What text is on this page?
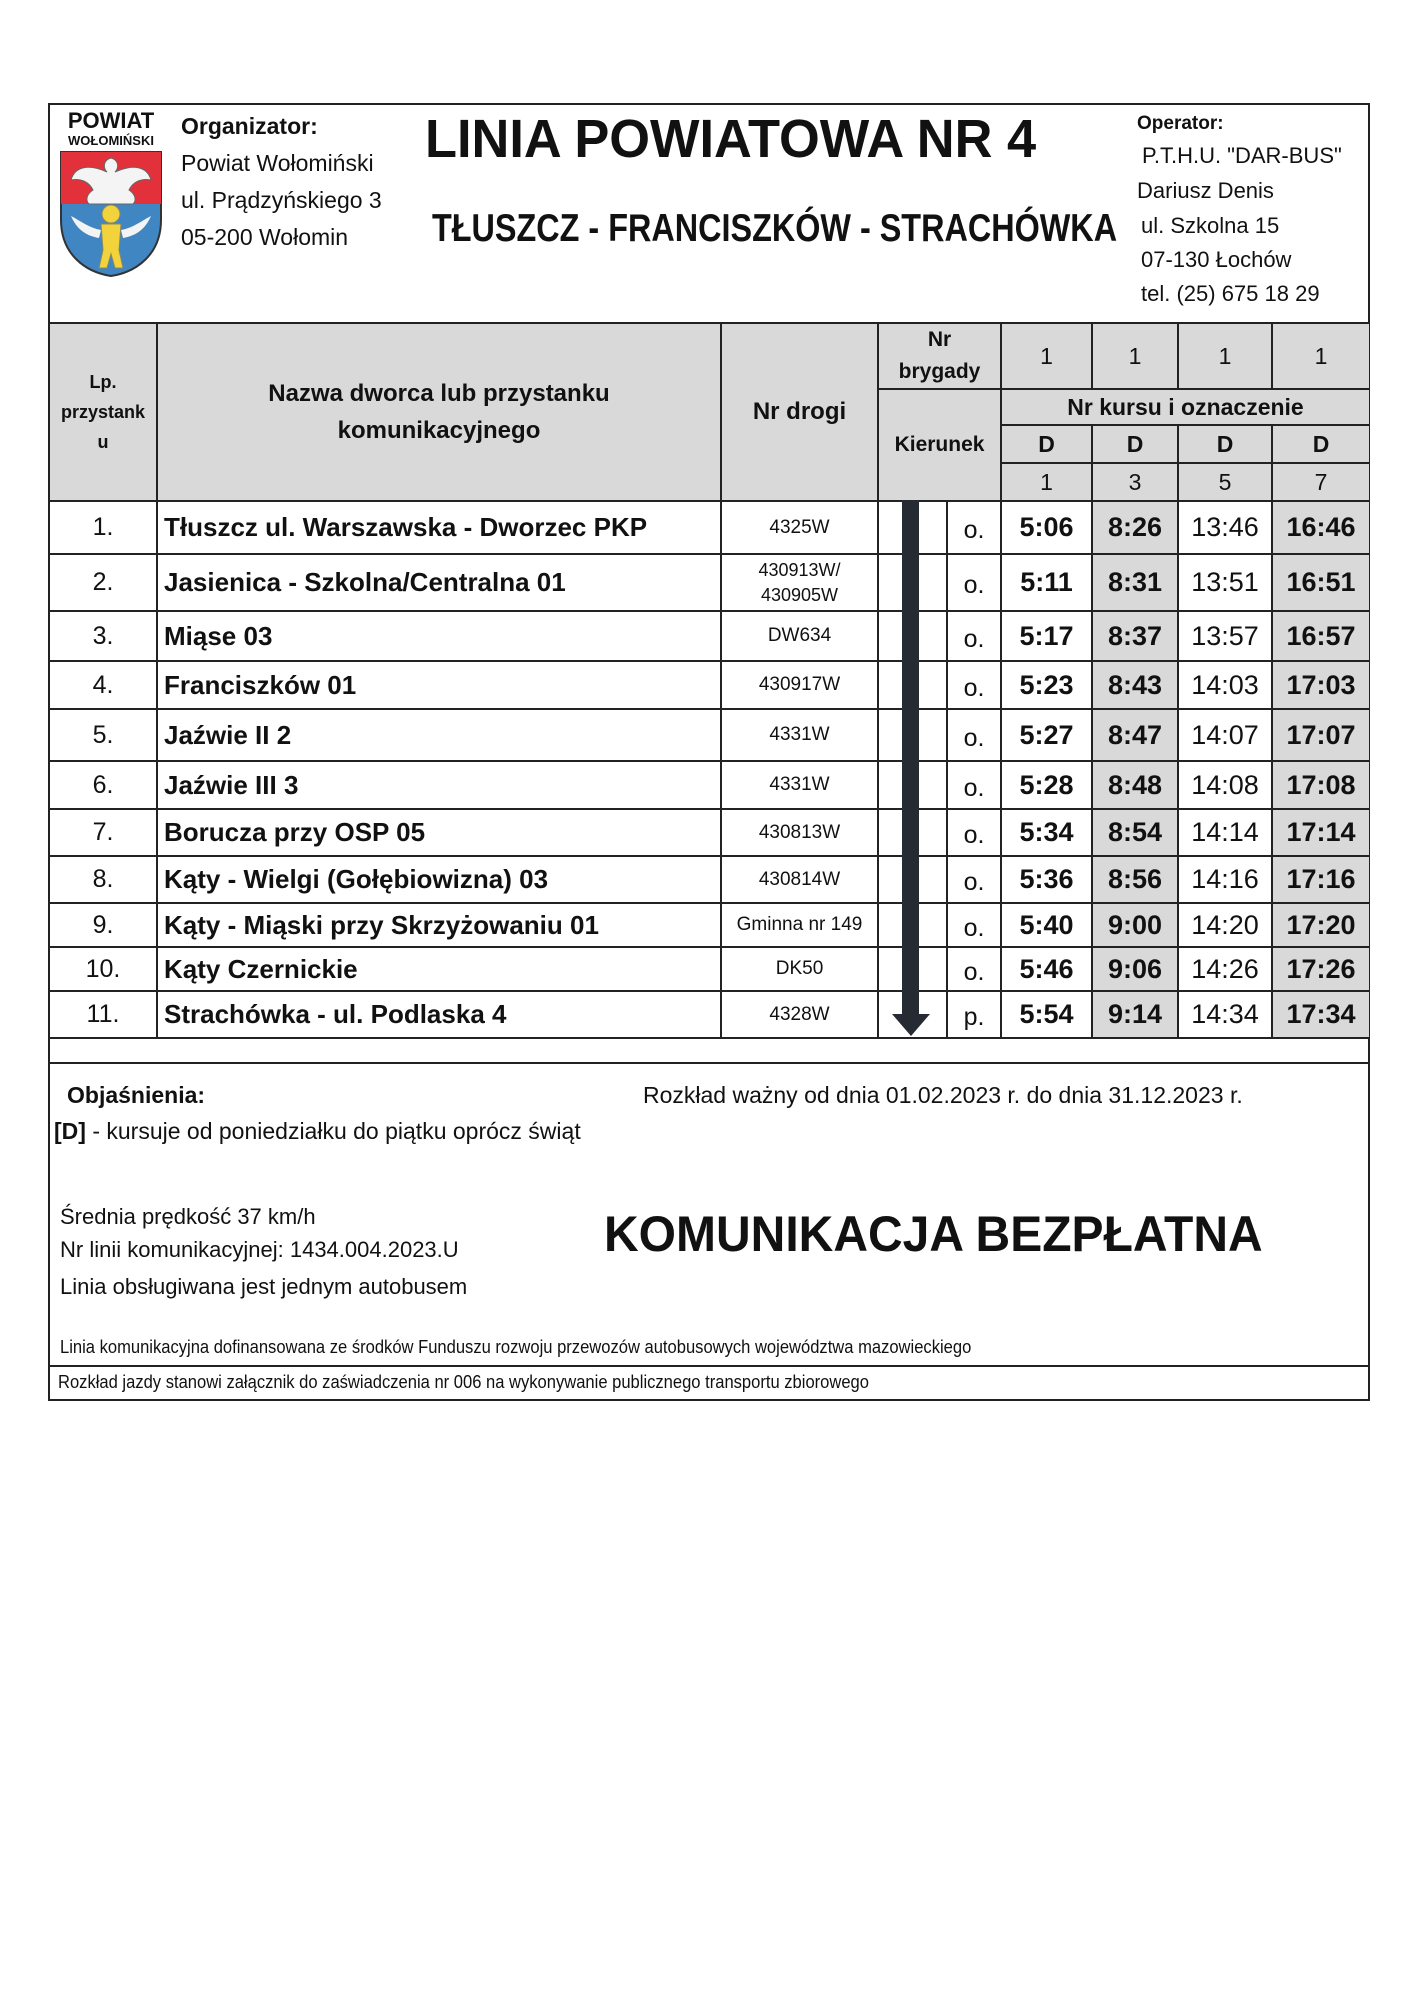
POWIAT
WOŁOMIŃSKI
Organizator:
Powiat Wołomiński
ul. Prądzyńskiego 3
05-200 Wołomin
LINIA POWIATOWA NR 4
TŁUSZCZ - FRANCISZKÓW - STRACHÓWKA
Operator:
P.T.H.U. "DAR-BUS"
Dariusz Denis
ul. Szkolna 15
07-130 Łochów
tel. (25) 675 18 29
Lp.
przystank
u
Nazwa dworca lub przystanku
komunikacyjnego
Nr drogi
Nr
brygady
Kierunek
1	1	1	1
Nr kursu i oznaczenie
D	D	D	D
1	3	5	7
1.	Tłuszcz ul. Warszawska - Dworzec PKP	4325W	o.	5:06	8:26	13:46	16:46
2.	Jasienica - Szkolna/Centralna 01	430913W/
430905W	o.	5:11	8:31	13:51	16:51
3.	Miąse 03	DW634	o.	5:17	8:37	13:57	16:57
4.	Franciszków 01	430917W	o.	5:23	8:43	14:03	17:03
5.	Jaźwie II 2	4331W	o.	5:27	8:47	14:07	17:07
6.	Jaźwie III 3	4331W	o.	5:28	8:48	14:08	17:08
7.	Borucza przy OSP 05	430813W	o.	5:34	8:54	14:14	17:14
8.	Kąty - Wielgi (Gołębiowizna) 03	430814W	o.	5:36	8:56	14:16	17:16
9.	Kąty - Miąski przy Skrzyżowaniu 01	Gminna nr 149	o.	5:40	9:00	14:20	17:20
10.	Kąty Czernickie	DK50	o.	5:46	9:06	14:26	17:26
11.	Strachówka - ul. Podlaska 4	4328W	p.	5:54	9:14	14:34	17:34
Objaśnienia:	Rozkład ważny od dnia 01.02.2023 r. do dnia 31.12.2023 r.
[D] - kursuje od poniedziałku do piątku oprócz świąt
Średnia prędkość 37 km/h
Nr linii komunikacyjnej: 1434.004.2023.U
Linia obsługiwana jest jednym autobusem
KOMUNIKACJA BEZPŁATNA
Linia komunikacyjna dofinansowana ze środków Funduszu rozwoju przewozów autobusowych województwa mazowieckiego
Rozkład jazdy stanowi załącznik do zaświadczenia nr 006 na wykonywanie publicznego transportu zbiorowego
